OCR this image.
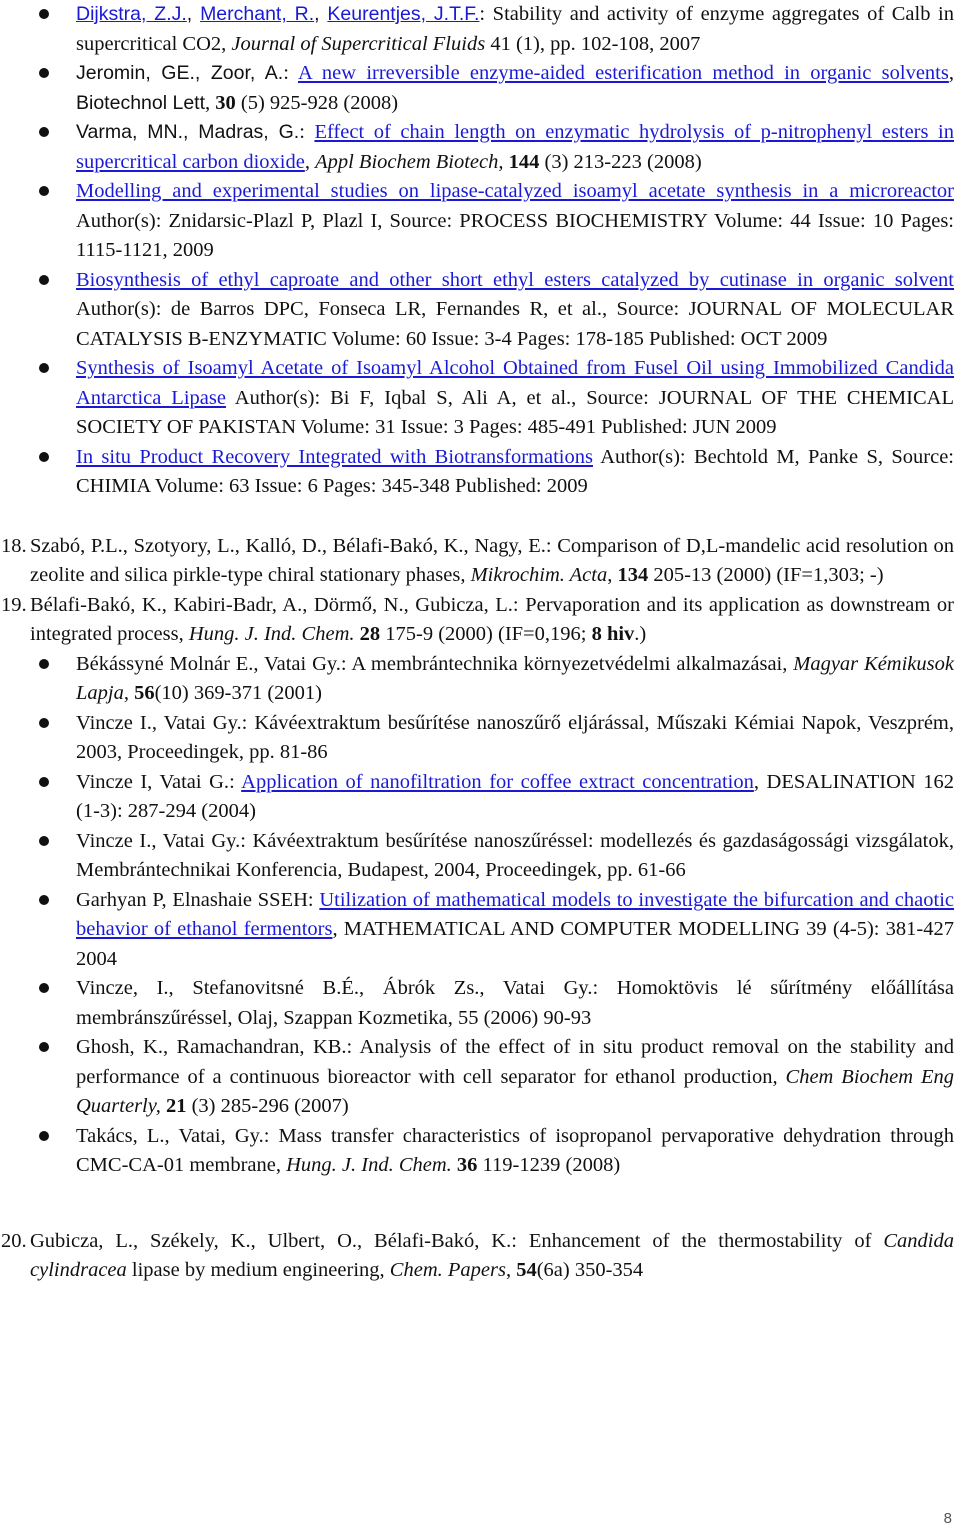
Dijkstra, Z.J., Merchant, R., Keurentjes, J.T.F.: Stability and activity of enzyme aggregates of Calb in supercritical CO2, Journal of Supercritical Fluids 41 (1), pp. 102-108, 2007
Jeromin, GE., Zoor, A.: A new irreversible enzyme-aided esterification method in organic solvents, Biotechnol Lett, 30 (5) 925-928 (2008)
Varma, MN., Madras, G.: Effect of chain length on enzymatic hydrolysis of p-nitrophenyl esters in supercritical carbon dioxide, Appl Biochem Biotech, 144 (3) 213-223 (2008)
Modelling and experimental studies on lipase-catalyzed isoamyl acetate synthesis in a microreactor Author(s): Znidarsic-Plazl P, Plazl I, Source: PROCESS BIOCHEMISTRY Volume: 44 Issue: 10 Pages: 1115-1121, 2009
Biosynthesis of ethyl caproate and other short ethyl esters catalyzed by cutinase in organic solvent Author(s): de Barros DPC, Fonseca LR, Fernandes R, et al., Source: JOURNAL OF MOLECULAR CATALYSIS B-ENZYMATIC Volume: 60 Issue: 3-4 Pages: 178-185 Published: OCT 2009
Synthesis of Isoamyl Acetate of Isoamyl Alcohol Obtained from Fusel Oil using Immobilized Candida Antarctica Lipase Author(s): Bi F, Iqbal S, Ali A, et al., Source: JOURNAL OF THE CHEMICAL SOCIETY OF PAKISTAN Volume: 31 Issue: 3 Pages: 485-491 Published: JUN 2009
In situ Product Recovery Integrated with Biotransformations Author(s): Bechtold M, Panke S, Source: CHIMIA Volume: 63 Issue: 6 Pages: 345-348 Published: 2009
18. Szabó, P.L., Szotyory, L., Kalló, D., Bélafi-Bakó, K., Nagy, E.: Comparison of D,L-mandelic acid resolution on zeolite and silica pirkle-type chiral stationary phases, Mikrochim. Acta, 134 205-13 (2000) (IF=1,303; -)
19. Bélafi-Bakó, K., Kabiri-Badr, A., Dörmő, N., Gubicza, L.: Pervaporation and its application as downstream or integrated process, Hung. J. Ind. Chem. 28 175-9 (2000) (IF=0,196; 8 hiv.)
Békássyné Molnár E., Vatai Gy.: A membrántechnika környezetvédelmi alkalmazásai, Magyar Kémikusok Lapja, 56(10) 369-371 (2001)
Vincze I., Vatai Gy.: Kávéextraktum besűrítése nanoszűrő eljárással, Műszaki Kémiai Napok, Veszprém, 2003, Proceedingek, pp. 81-86
Vincze I, Vatai G.: Application of nanofiltration for coffee extract concentration, DESALINATION 162 (1-3): 287-294 (2004)
Vincze I., Vatai Gy.: Kávéextraktum besűrítése nanoszűréssel: modellezés és gazdaságossági vizsgálatok, Membrántechnikai Konferencia, Budapest, 2004, Proceedingek, pp. 61-66
Garhyan P, Elnashaie SSEH: Utilization of mathematical models to investigate the bifurcation and chaotic behavior of ethanol fermentors, MATHEMATICAL AND COMPUTER MODELLING 39 (4-5): 381-427 2004
Vincze, I., Stefanovitsné B.É., Ábrók Zs., Vatai Gy.: Homoktövis lé sűrítmény előállítása membránszűréssel, Olaj, Szappan Kozmetika, 55 (2006) 90-93
Ghosh, K., Ramachandran, KB.: Analysis of the effect of in situ product removal on the stability and performance of a continuous bioreactor with cell separator for ethanol production, Chem Biochem Eng Quarterly, 21 (3) 285-296 (2007)
Takács, L., Vatai, Gy.: Mass transfer characteristics of isopropanol pervaporative dehydration through CMC-CA-01 membrane, Hung. J. Ind. Chem. 36 119-1239 (2008)
20. Gubicza, L., Székely, K., Ulbert, O., Bélafi-Bakó, K.: Enhancement of the thermostability of Candida cylindracea lipase by medium engineering, Chem. Papers, 54(6a) 350-354
8
